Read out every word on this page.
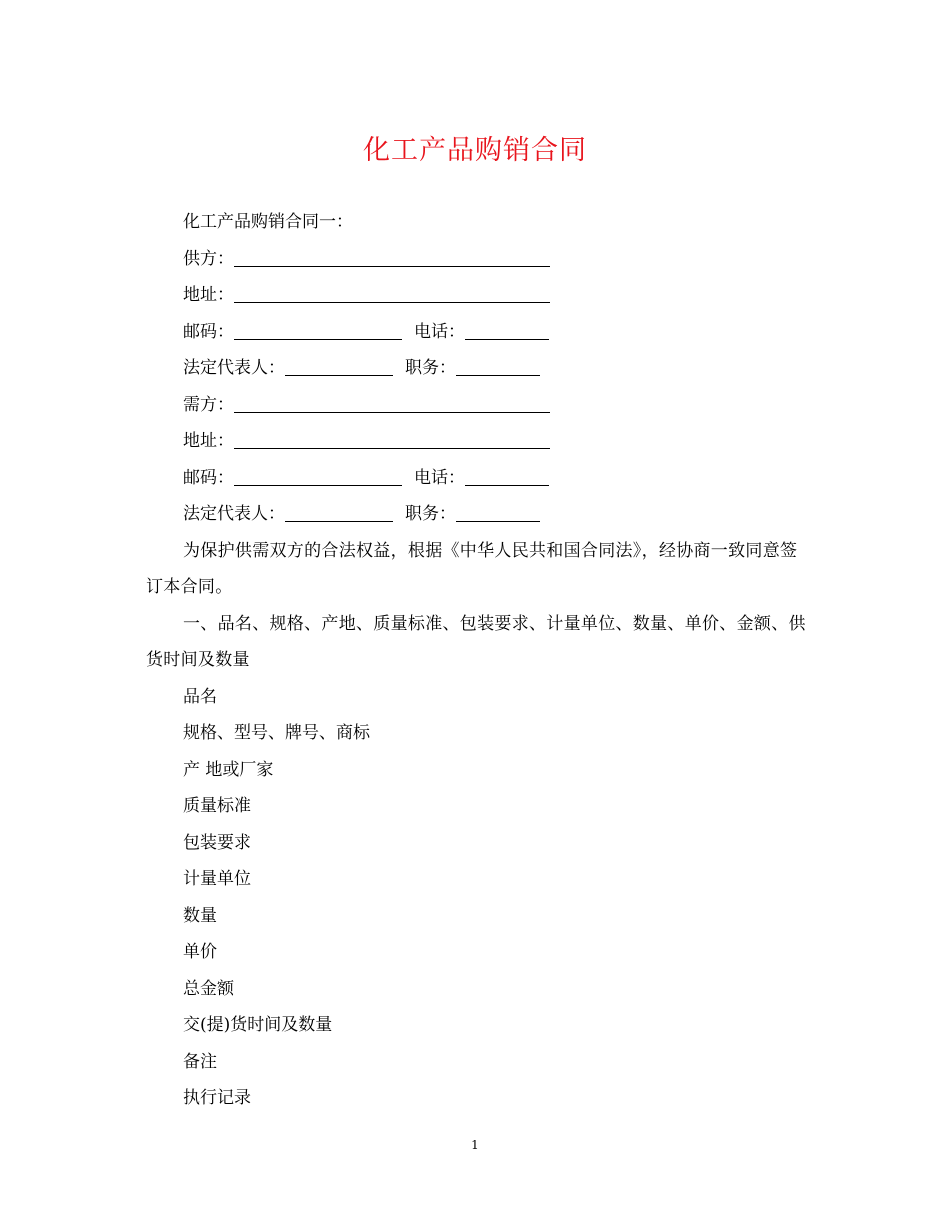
化工产品购销合同
化工产品购销合同一：
供方：
地址：
邮码：	电话：
法定代表人：	职务：
需方：
地址：
邮码：	电话：
法定代表人：	职务：
为保护供需双方的合法权益，根据《中华人民共和国合同法》，经协商一致同意签订本合同。
一、品名、规格、产地、质量标准、包装要求、计量单位、数量、单价、金额、供货时间及数量
品名
规格、型号、牌号、商标
产 地或厂家
质量标准
包装要求
计量单位
数量
单价
总金额
交(提)货时间及数量
备注
执行记录
1
